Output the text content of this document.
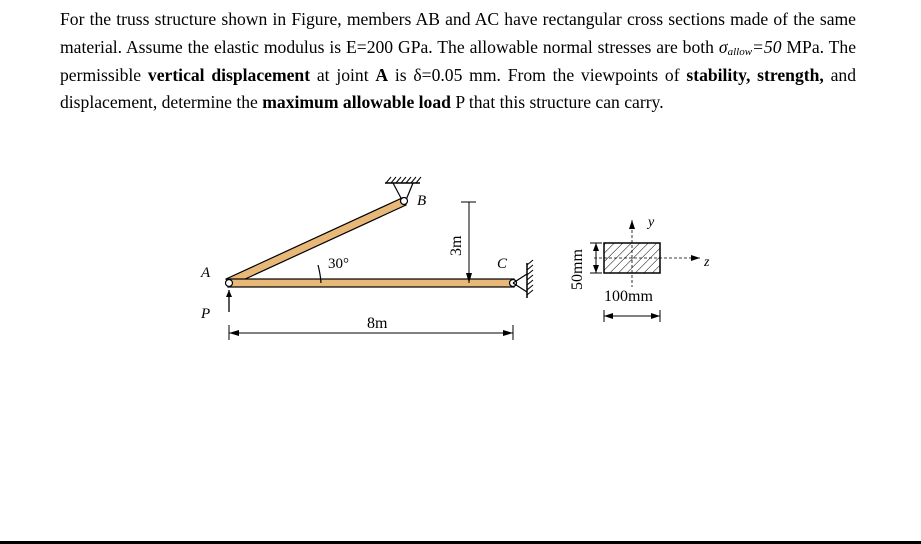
For the truss structure shown in Figure, members AB and AC have rectangular cross sections made of the same material. Assume the elastic modulus is E=200 GPa. The allowable normal stresses are both $\sigma_{allow}=50$ MPa. The permissible vertical displacement at joint A is δ=0.05 mm. From the viewpoints of stability, strength, and displacement, determine the maximum allowable load P that this structure can carry.
30°
A
B
C
P
8m
3m
y
z
50mm
100mm
